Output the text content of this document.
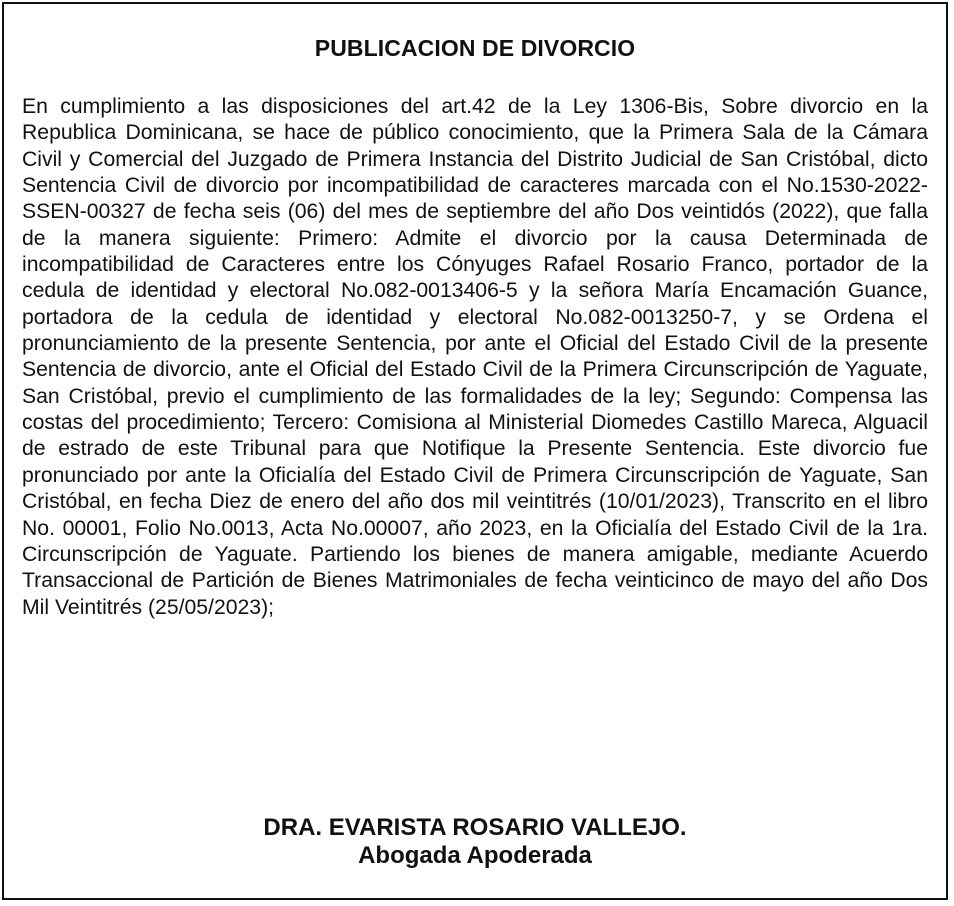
PUBLICACION DE DIVORCIO

En cumplimiento a las disposiciones del art.42 de la Ley 1306-Bis, Sobre divorcio en la Republica Dominicana, se hace de público conocimiento, que la Primera Sala de la Cámara Civil y Comercial del Juzgado de Primera Instancia del Distrito Judicial de San Cristóbal, dicto Sentencia Civil de divorcio por incompatibilidad de caracteres marcada con el No.1530-2022-SSEN-00327 de fecha seis (06) del mes de septiembre del año Dos veintidós (2022), que falla de la manera siguiente: Primero: Admite el divorcio por la causa Determinada de incompatibilidad de Caracteres entre los Cónyuges Rafael Rosario Franco, portador de la cedula de identidad y electoral No.082-0013406-5 y la señora María Encamación Guance, portadora de la cedula de identidad y electoral No.082-0013250-7, y se Ordena el pronunciamiento de la presente Sentencia, por ante el Oficial del Estado Civil de la presente Sentencia de divorcio, ante el Oficial del Estado Civil de la Primera Circunscripción de Yaguate, San Cristóbal, previo el cumplimiento de las formalidades de la ley; Segundo: Compensa las costas del procedimiento; Tercero: Comisiona al Ministerial Diomedes Castillo Mareca, Alguacil de estrado de este Tribunal para que Notifique la Presente Sentencia. Este divorcio fue pronunciado por ante la Oficialía del Estado Civil de Primera Circunscripción de Yaguate, San Cristóbal, en fecha Diez de enero del año dos mil veintitrés (10/01/2023), Transcrito en el libro No. 00001, Folio No.0013, Acta No.00007, año 2023, en la Oficialía del Estado Civil de la 1ra. Circunscripción de Yaguate. Partiendo los bienes de manera amigable, mediante Acuerdo Transaccional de Partición de Bienes Matrimoniales de fecha veinticinco de mayo del año Dos Mil Veintitrés (25/05/2023);

DRA. EVARISTA ROSARIO VALLEJO.
Abogada Apoderada
